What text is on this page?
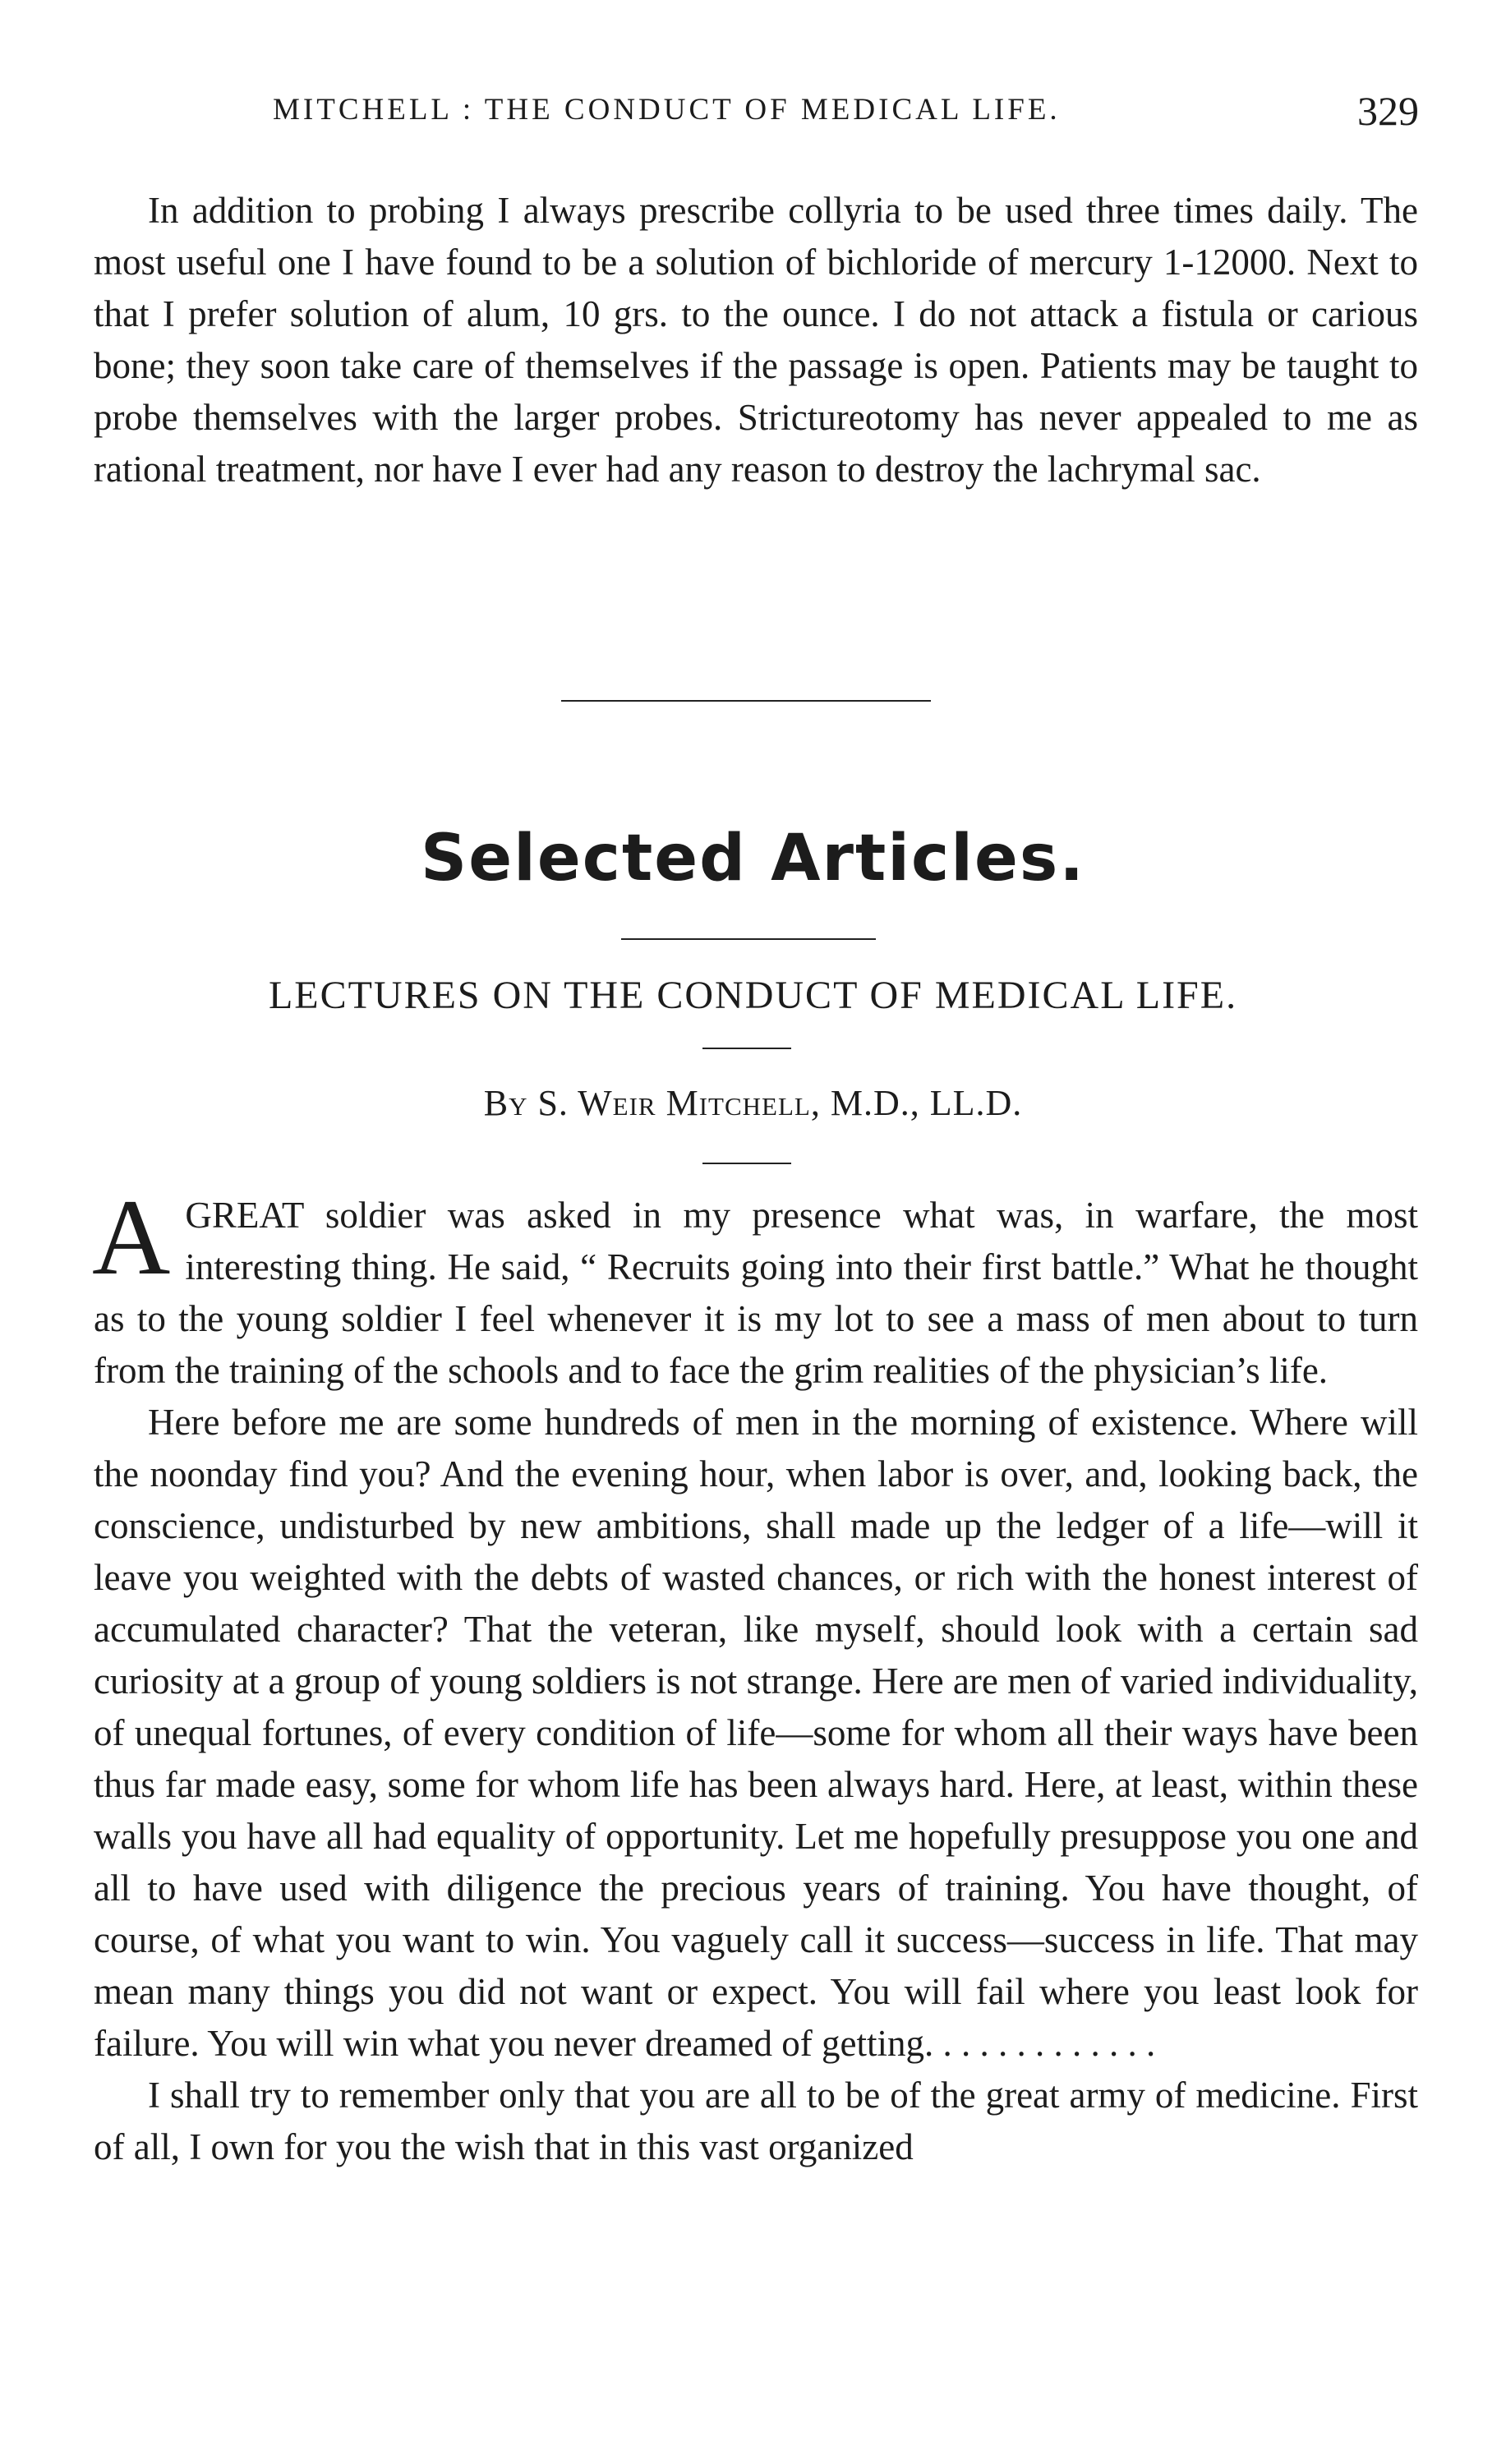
MITCHELL : THE CONDUCT OF MEDICAL LIFE.	329

In addition to probing I always prescribe collyria to be used three times daily. The most useful one I have found to be a solution of bichloride of mercury 1-12000. Next to that I prefer solution of alum, 10 grs. to the ounce. I do not attack a fistula or carious bone; they soon take care of themselves if the passage is open. Patients may be taught to probe themselves with the larger probes. Strictureotomy has never appealed to me as rational treatment, nor have I ever had any reason to destroy the lachrymal sac.

Selected Articles.
LECTURES ON THE CONDUCT OF MEDICAL LIFE.
By S. Weir Mitchell, M.D., LL.D.

AGREAT soldier was asked in my presence what was, in warfare, the most interesting thing. He said, “ Recruits going into their first battle.” What he thought as to the young soldier I feel whenever it is my lot to see a mass of men about to turn from the training of the schools and to face the grim realities of the physician’s life.

Here before me are some hundreds of men in the morning of existence. Where will the noonday find you? And the evening hour, when labor is over, and, looking back, the conscience, undisturbed by new ambitions, shall made up the ledger of a life—will it leave you weighted with the debts of wasted chances, or rich with the honest interest of accumulated character? That the veteran, like myself, should look with a certain sad curiosity at a group of young soldiers is not strange. Here are men of varied individuality, of unequal fortunes, of every condition of life—some for whom all their ways have been thus far made easy, some for whom life has been always hard. Here, at least, within these walls you have all had equality of opportunity. Let me hopefully presuppose you one and all to have used with diligence the precious years of training. You have thought, of course, of what you want to win. You vaguely call it success—success in life. That may mean many things you did not want or expect. You will fail where you least look for failure. You will win what you never dreamed of getting. . . . . . . . . . . . .

I shall try to remember only that you are all to be of the great army of medicine. First of all, I own for you the wish that in this vast organized
